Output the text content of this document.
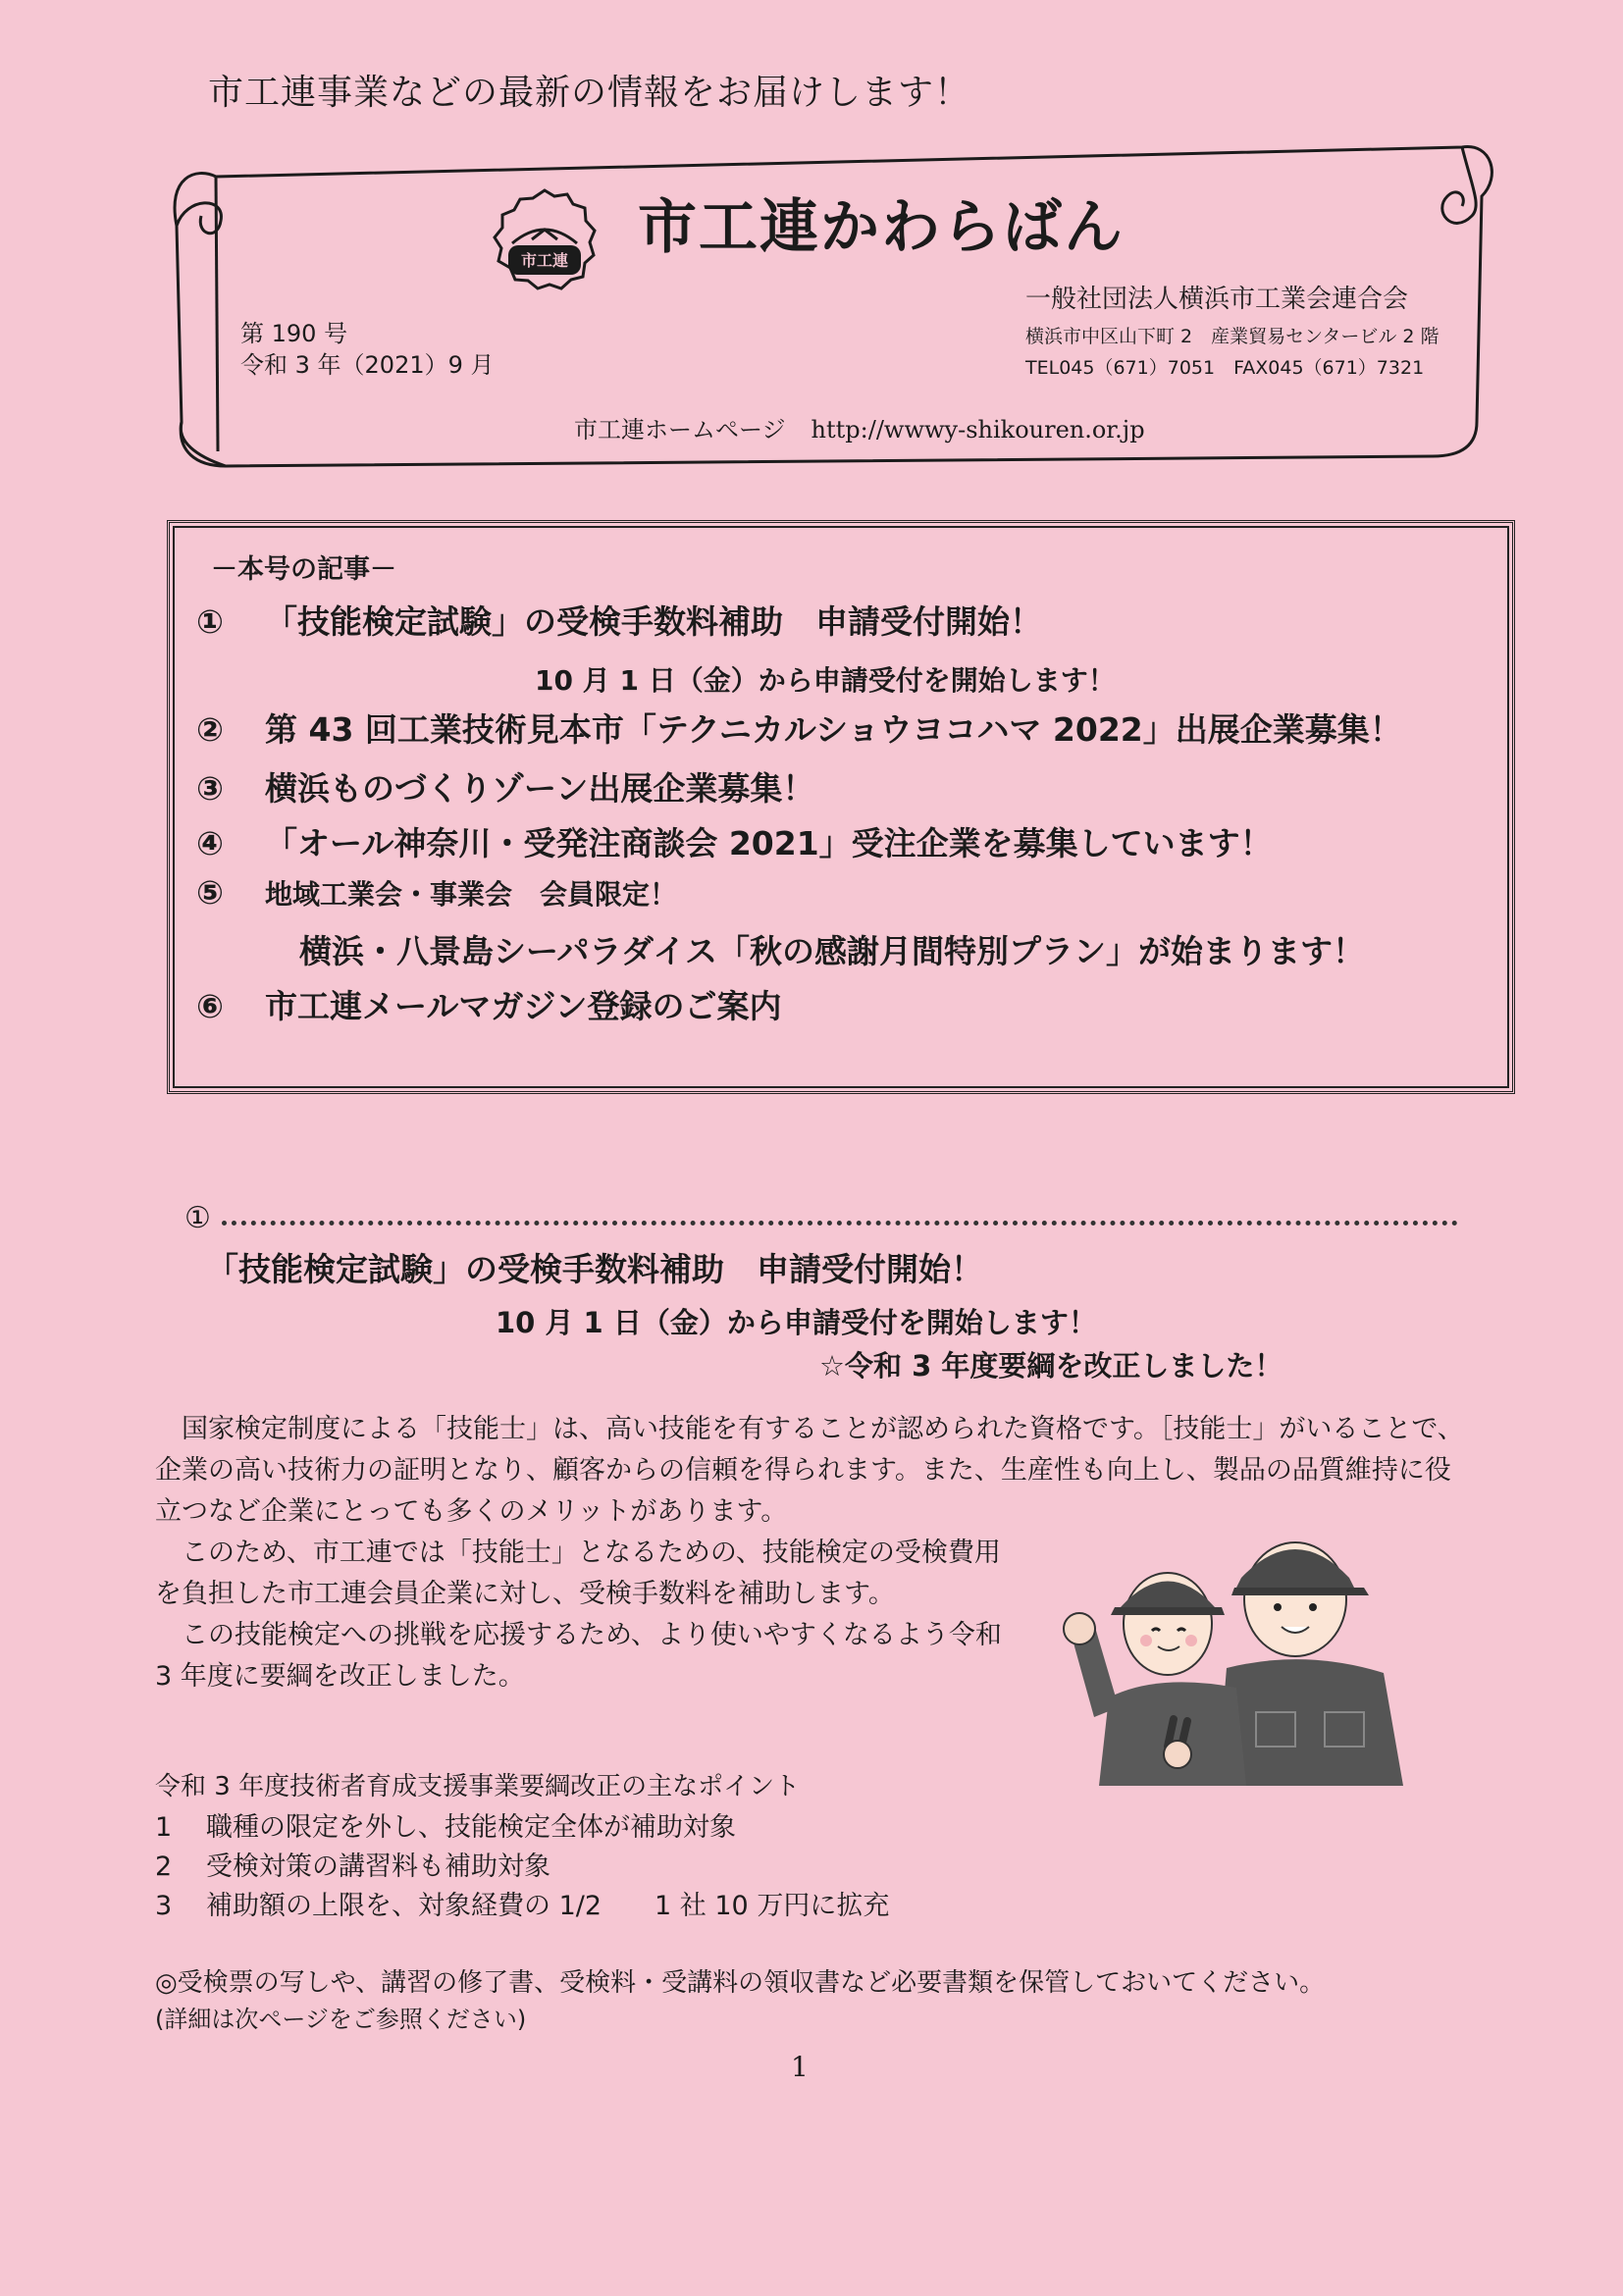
市工連事業などの最新の情報をお届けします！
市工連 市工連かわらばん
第 190 号
令和 3 年（2021）9 月
一般社団法人横浜市工業会連合会
横浜市中区山下町 2　産業貿易センタービル 2 階
TEL045（671）7051　FAX045（671）7321
市工連ホームページ http://wwwy-shikouren.or.jp
－本号の記事－
① 「技能検定試験」の受検手数料補助　申請受付開始！
10 月 1 日（金）から申請受付を開始します！
② 第 43 回工業技術見本市「テクニカルショウヨコハマ 2022」出展企業募集！
③ 横浜ものづくりゾーン出展企業募集！
④ 「オール神奈川・受発注商談会 2021」受注企業を募集しています！
⑤ 地域工業会・事業会　会員限定！
横浜・八景島シーパラダイス「秋の感謝月間特別プラン」が始まります！
⑥ 市工連メールマガジン登録のご案内
①
「技能検定試験」の受検手数料補助　申請受付開始！
10 月 1 日（金）から申請受付を開始します！
☆令和 3 年度要綱を改正しました！

国家検定制度による「技能士」は、高い技能を有することが認められた資格です。［技能士」がいることで、企業の高い技術力の証明となり、顧客からの信頼を得られます。また、生産性も向上し、製品の品質維持に役立つなど企業にとっても多くのメリットがあります。

このため、市工連では「技能士」となるための、技能検定の受検費用を負担した市工連会員企業に対し、受検手数料を補助します。

この技能検定への挑戦を応援するため、より使いやすくなるよう令和 3 年度に要綱を改正しました。

令和 3 年度技術者育成支援事業要綱改正の主なポイント
1 職種の限定を外し、技能検定全体が補助対象
2 受検対策の講習料も補助対象
3 補助額の上限を、対象経費の 1/2　　1 社 10 万円に拡充
◎受検票の写しや、講習の修了書、受検料・受講料の領収書など必要書類を保管しておいてください。
(詳細は次ページをご参照ください)
1
